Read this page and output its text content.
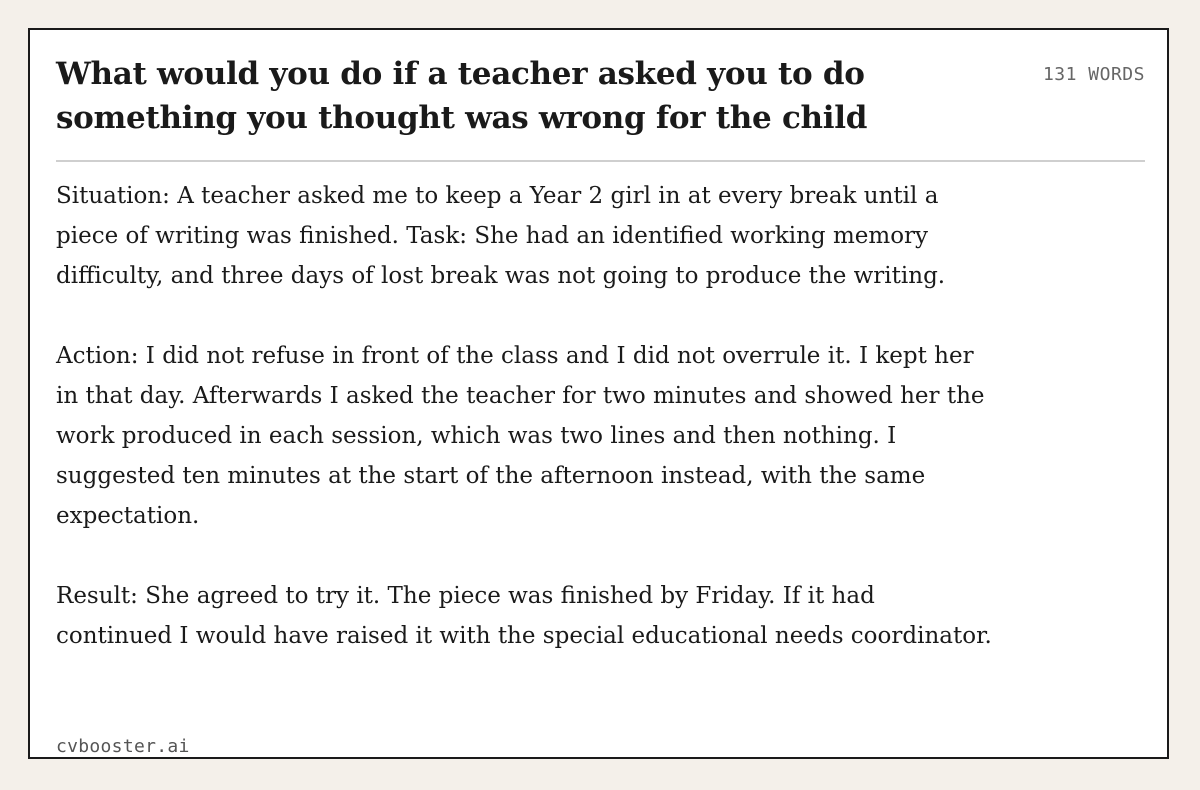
What would you do if a teacher asked you to do something you thought was wrong for the child
131 WORDS

Situation: A teacher asked me to keep a Year 2 girl in at every break until a piece of writing was finished. Task: She had an identified working memory difficulty, and three days of lost break was not going to produce the writing.

Action: I did not refuse in front of the class and I did not overrule it. I kept her in that day. Afterwards I asked the teacher for two minutes and showed her the work produced in each session, which was two lines and then nothing. I suggested ten minutes at the start of the afternoon instead, with the same expectation.

Result: She agreed to try it. The piece was finished by Friday. If it had continued I would have raised it with the special educational needs coordinator.

cvbooster.ai
